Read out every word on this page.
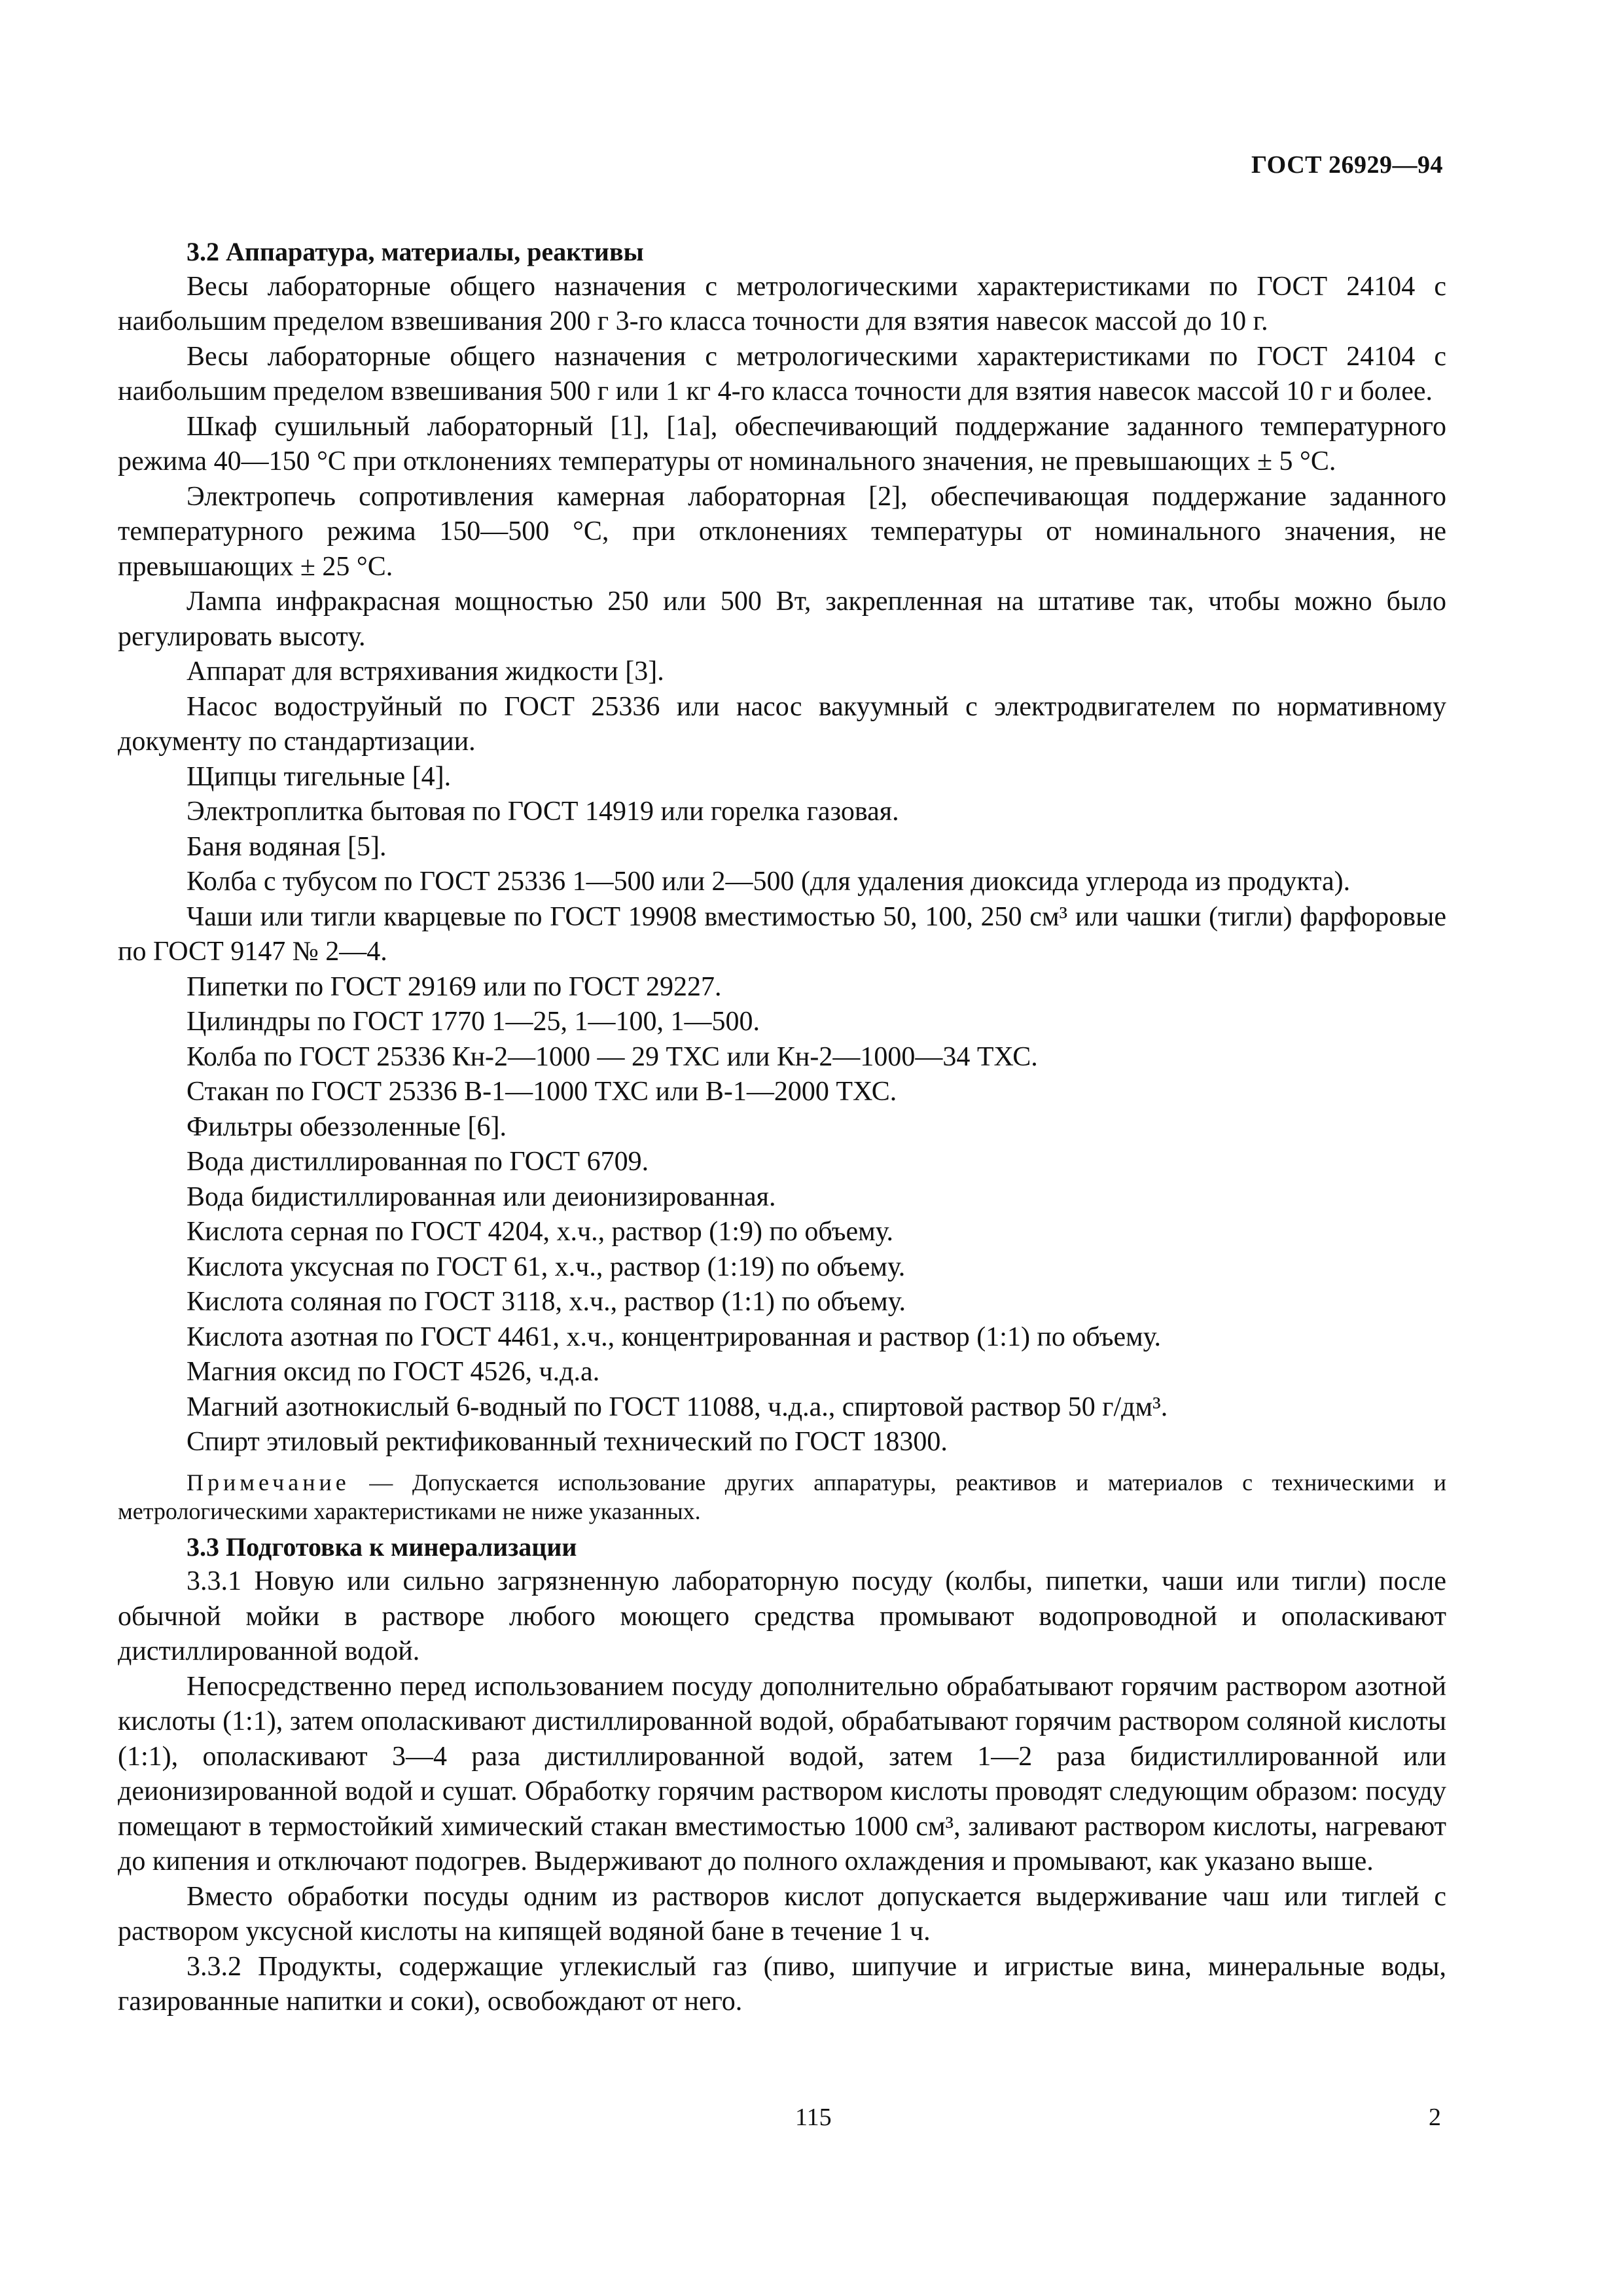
ГОСТ 26929—94
3.2 Аппаратура, материалы, реактивы

Весы лабораторные общего назначения с метрологическими характеристиками по ГОСТ 24104 с наибольшим пределом взвешивания 200 г 3-го класса точности для взятия навесок массой до 10 г.

Весы лабораторные общего назначения с метрологическими характеристиками по ГОСТ 24104 с наибольшим пределом взвешивания 500 г или 1 кг 4-го класса точности для взятия навесок массой 10 г и более.

Шкаф сушильный лабораторный [1], [1а], обеспечивающий поддержание заданного температурного режима 40—150 °С при отклонениях температуры от номинального значения, не превышающих ± 5 °С.

Электропечь сопротивления камерная лабораторная [2], обеспечивающая поддержание заданного температурного режима 150—500 °С, при отклонениях температуры от номинального значения, не превышающих ± 25 °С.

Лампа инфракрасная мощностью 250 или 500 Вт, закрепленная на штативе так, чтобы можно было регулировать высоту.

Аппарат для встряхивания жидкости [3].

Насос водоструйный по ГОСТ 25336 или насос вакуумный с электродвигателем по нормативному документу по стандартизации.

Щипцы тигельные [4].

Электроплитка бытовая по ГОСТ 14919 или горелка газовая.

Баня водяная [5].

Колба с тубусом по ГОСТ 25336 1—500 или 2—500 (для удаления диоксида углерода из продукта).

Чаши или тигли кварцевые по ГОСТ 19908 вместимостью 50, 100, 250 см³ или чашки (тигли) фарфоровые по ГОСТ 9147 № 2—4.

Пипетки по ГОСТ 29169 или по ГОСТ 29227.

Цилиндры по ГОСТ 1770 1—25, 1—100, 1—500.

Колба по ГОСТ 25336 Кн-2—1000 — 29 ТХС или Кн-2—1000—34 ТХС.

Стакан по ГОСТ 25336 В-1—1000 ТХС или В-1—2000 ТХС.

Фильтры обеззоленные [6].

Вода дистиллированная по ГОСТ 6709.

Вода бидистиллированная или деионизированная.

Кислота серная по ГОСТ 4204, х.ч., раствор (1:9) по объему.

Кислота уксусная по ГОСТ 61, х.ч., раствор (1:19) по объему.

Кислота соляная по ГОСТ 3118, х.ч., раствор (1:1) по объему.

Кислота азотная по ГОСТ 4461, х.ч., концентрированная и раствор (1:1) по объему.

Магния оксид по ГОСТ 4526, ч.д.а.

Магний азотнокислый 6-водный по ГОСТ 11088, ч.д.а., спиртовой раствор 50 г/дм³.

Спирт этиловый ректификованный технический по ГОСТ 18300.

Примечание — Допускается использование других аппаратуры, реактивов и материалов с техническими и метрологическими характеристиками не ниже указанных.

3.3 Подготовка к минерализации

3.3.1 Новую или сильно загрязненную лабораторную посуду (колбы, пипетки, чаши или тигли) после обычной мойки в растворе любого моющего средства промывают водопроводной и ополаскивают дистиллированной водой.

Непосредственно перед использованием посуду дополнительно обрабатывают горячим раствором азотной кислоты (1:1), затем ополаскивают дистиллированной водой, обрабатывают горячим раствором соляной кислоты (1:1), ополаскивают 3—4 раза дистиллированной водой, затем 1—2 раза бидистиллированной или деионизированной водой и сушат. Обработку горячим раствором кислоты проводят следующим образом: посуду помещают в термостойкий химический стакан вместимостью 1000 см³, заливают раствором кислоты, нагревают до кипения и отключают подогрев. Выдерживают до полного охлаждения и промывают, как указано выше.

Вместо обработки посуды одним из растворов кислот допускается выдерживание чаш или тиглей с раствором уксусной кислоты на кипящей водяной бане в течение 1 ч.

3.3.2 Продукты, содержащие углекислый газ (пиво, шипучие и игристые вина, минеральные воды, газированные напитки и соки), освобождают от него.

115	2
